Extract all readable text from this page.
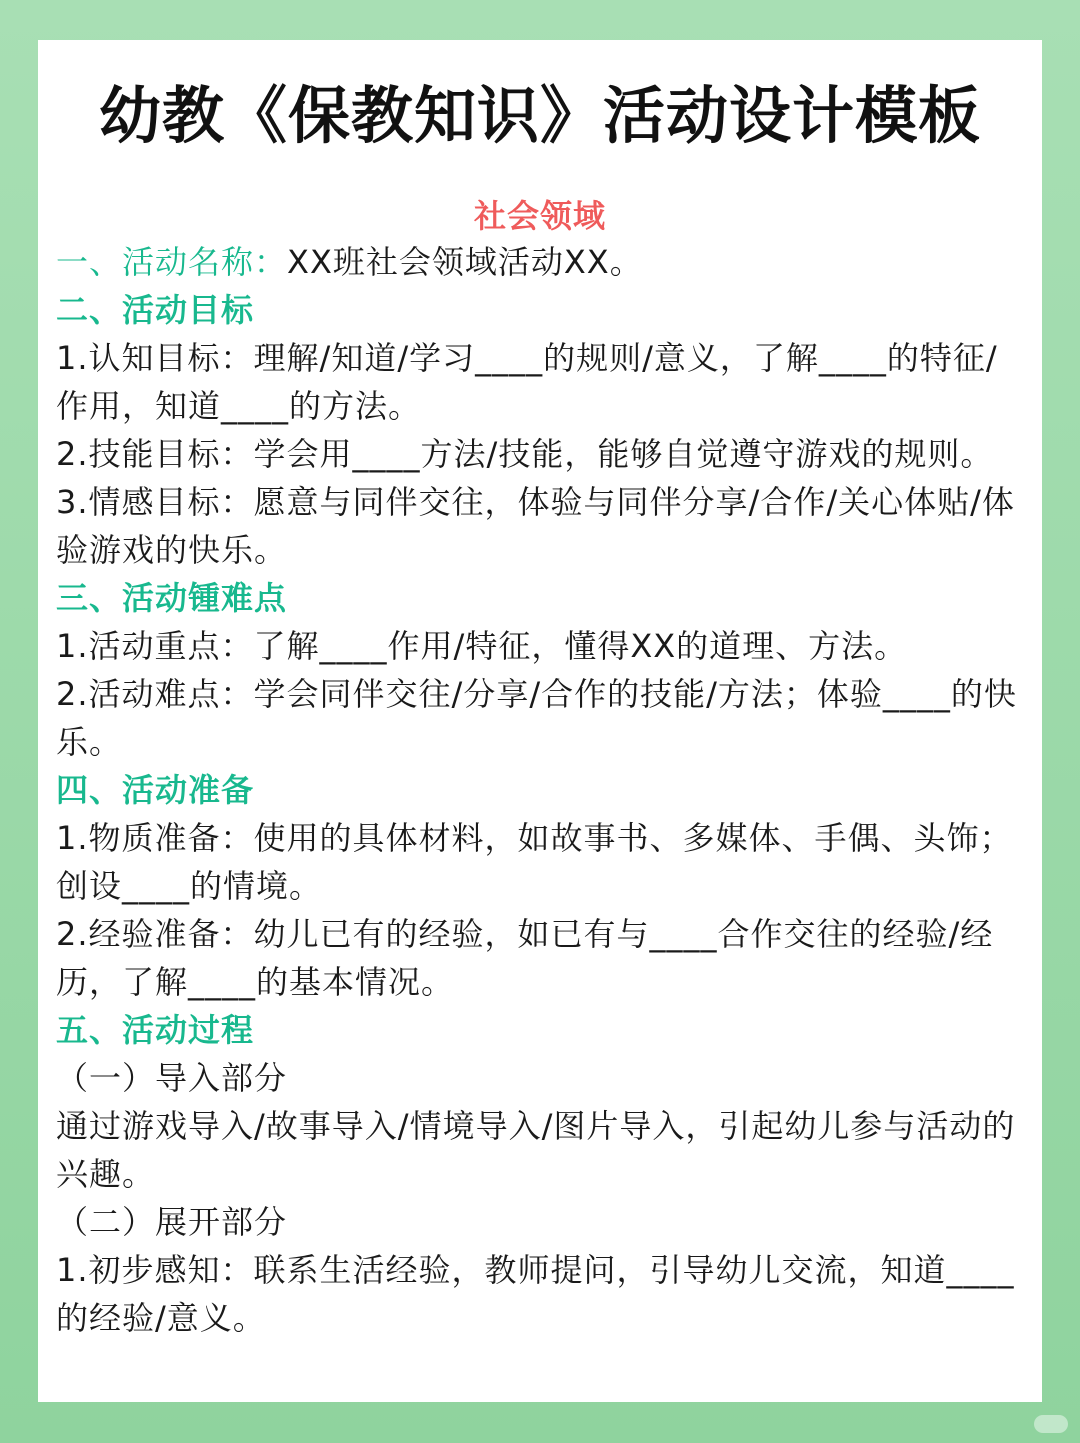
幼教《保教知识》活动设计模板
社会领域

一、活动名称：XX班社会领域活动XX。

二、活动目标

1.认知目标：理解/知道/学习____的规则/意义，了解____的特征/作用，知道____的方法。

2.技能目标：学会用____方法/技能，能够自觉遵守游戏的规则。

3.情感目标：愿意与同伴交往，体验与同伴分享/合作/关心体贴/体验游戏的快乐。

三、活动锺难点

1.活动重点：了解____作用/特征，懂得XX的道理、方法。

2.活动难点：学会同伴交往/分享/合作的技能/方法；体验____的快乐。

四、活动准备

1.物质准备：使用的具体材料，如故事书、多媒体、手偶、头饰；创设____的情境。

2.经验准备：幼儿已有的经验，如已有与____合作交往的经验/经历，了解____的基本情况。

五、活动过程

（一）导入部分

通过游戏导入/故事导入/情境导入/图片导入，引起幼儿参与活动的兴趣。

（二）展开部分

1.初步感知：联系生活经验，教师提问，引导幼儿交流，知道____的经验/意义。
